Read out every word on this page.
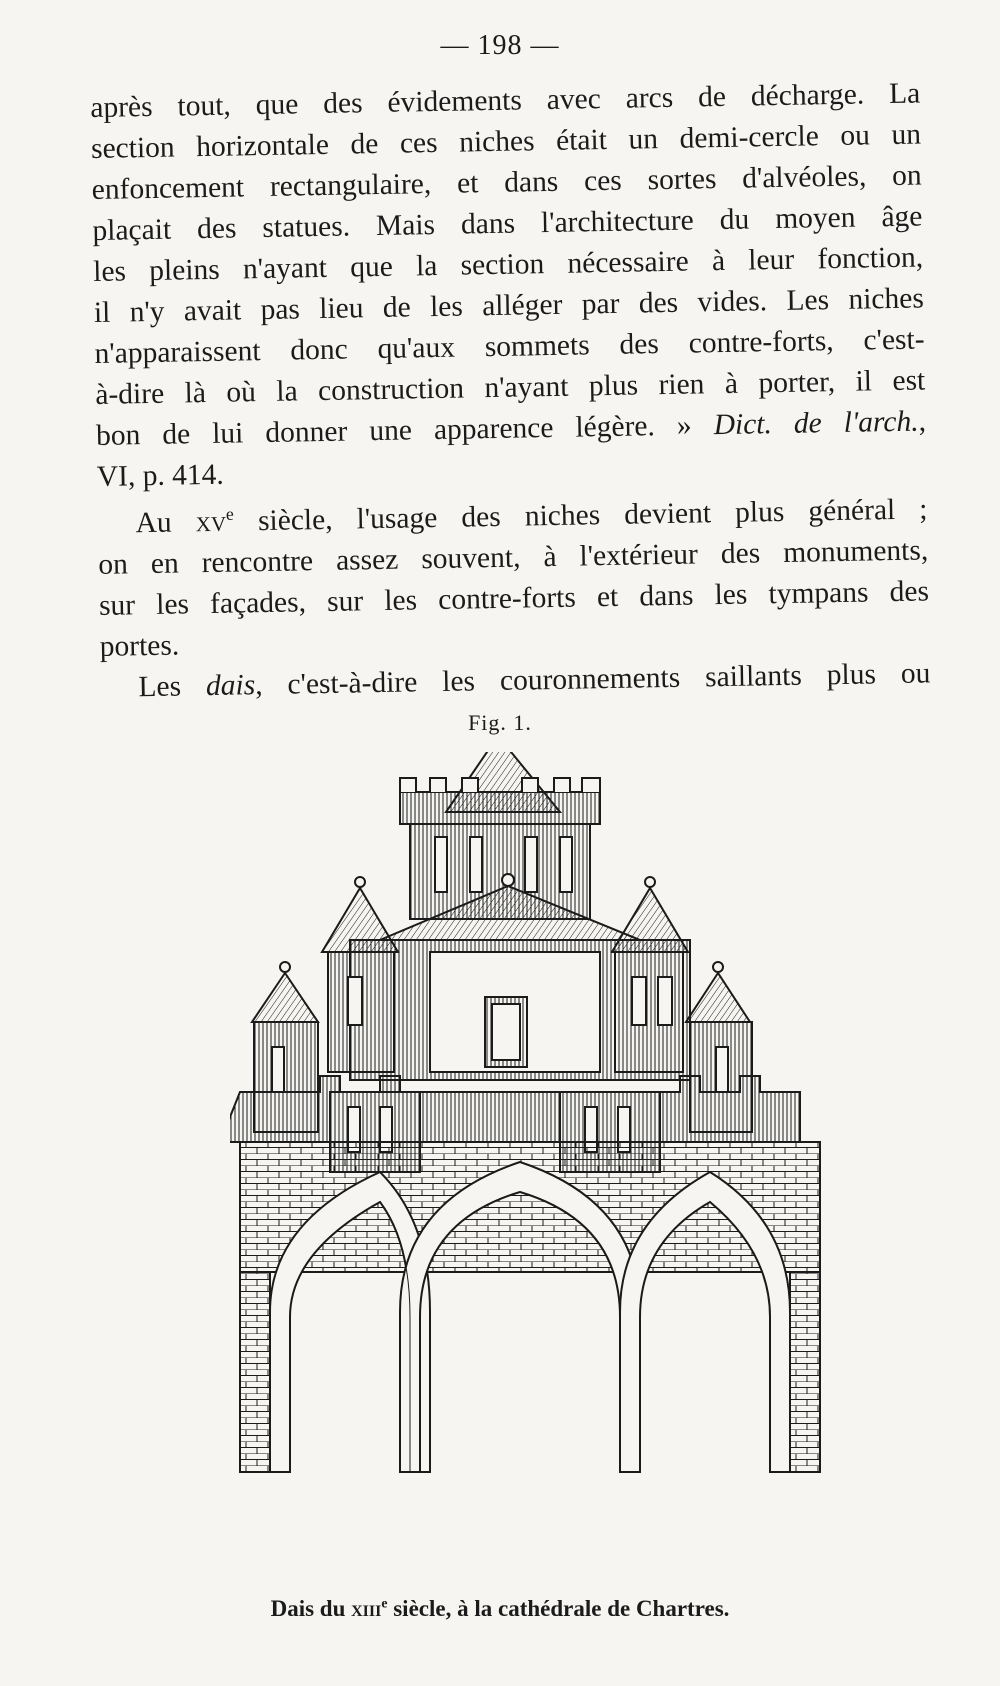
— 198 —
après tout, que des évidements avec arcs de décharge. La
section horizontale de ces niches était un demi-cercle ou un
enfoncement rectangulaire, et dans ces sortes d'alvéoles, on
plaçait des statues. Mais dans l'architecture du moyen âge
les pleins n'ayant que la section nécessaire à leur fonction,
il n'y avait pas lieu de les alléger par des vides. Les niches
n'apparaissent donc qu'aux sommets des contre-forts, c'est-
à-dire là où la construction n'ayant plus rien à porter, il est
bon de lui donner une apparence légère. » Dict. de l'arch.,
VI, p. 414.
Au $xv^e$ siècle, l'usage des niches devient plus général ;
on en rencontre assez souvent, à l'extérieur des monuments,
sur les façades, sur les contre-forts et dans les tympans des
portes.
Les dais, c'est-à-dire les couronnements saillants plus ou
Fig. 1.
Dais du xiii$^e$ siècle, à la cathédrale de Chartres.
